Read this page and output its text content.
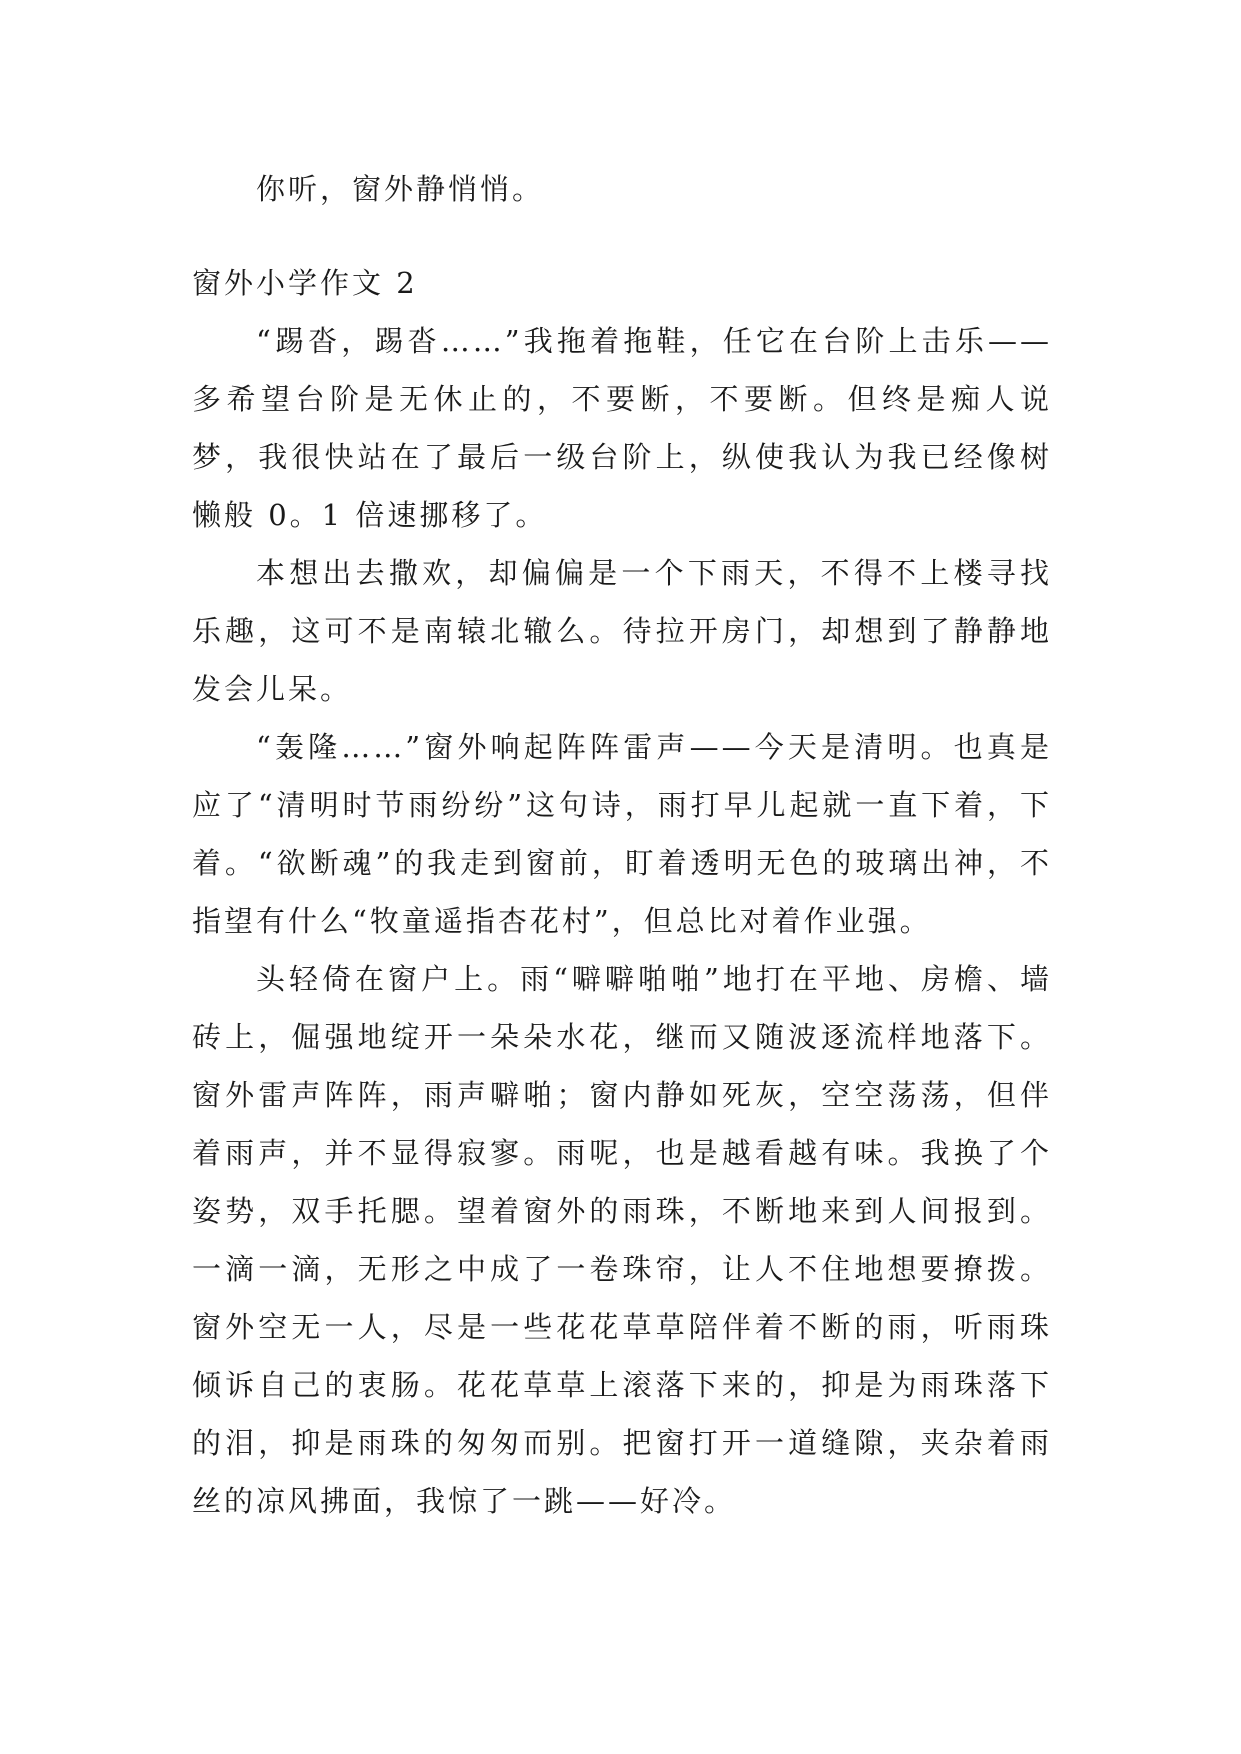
你听，窗外静悄悄。

窗外小学作文 2

“踢沓，踢沓……”我拖着拖鞋，任它在台阶上击乐——多希望台阶是无休止的，不要断，不要断。但终是痴人说梦，我很快站在了最后一级台阶上，纵使我认为我已经像树懒般 0。1 倍速挪移了。

本想出去撒欢，却偏偏是一个下雨天，不得不上楼寻找乐趣，这可不是南辕北辙么。待拉开房门，却想到了静静地发会儿呆。

“轰隆……”窗外响起阵阵雷声——今天是清明。也真是应了“清明时节雨纷纷”这句诗，雨打早儿起就一直下着，下着。“欲断魂”的我走到窗前，盯着透明无色的玻璃出神，不指望有什么“牧童遥指杏花村”，但总比对着作业强。

头轻倚在窗户上。雨“噼噼啪啪”地打在平地、房檐、墙砖上，倔强地绽开一朵朵水花，继而又随波逐流样地落下。窗外雷声阵阵，雨声噼啪；窗内静如死灰，空空荡荡，但伴着雨声，并不显得寂寥。雨呢，也是越看越有味。我换了个姿势，双手托腮。望着窗外的雨珠，不断地来到人间报到。一滴一滴，无形之中成了一卷珠帘，让人不住地想要撩拨。窗外空无一人，尽是一些花花草草陪伴着不断的雨，听雨珠倾诉自己的衷肠。花花草草上滚落下来的，抑是为雨珠落下的泪，抑是雨珠的匆匆而别。把窗打开一道缝隙，夹杂着雨丝的凉风拂面，我惊了一跳——好冷。
